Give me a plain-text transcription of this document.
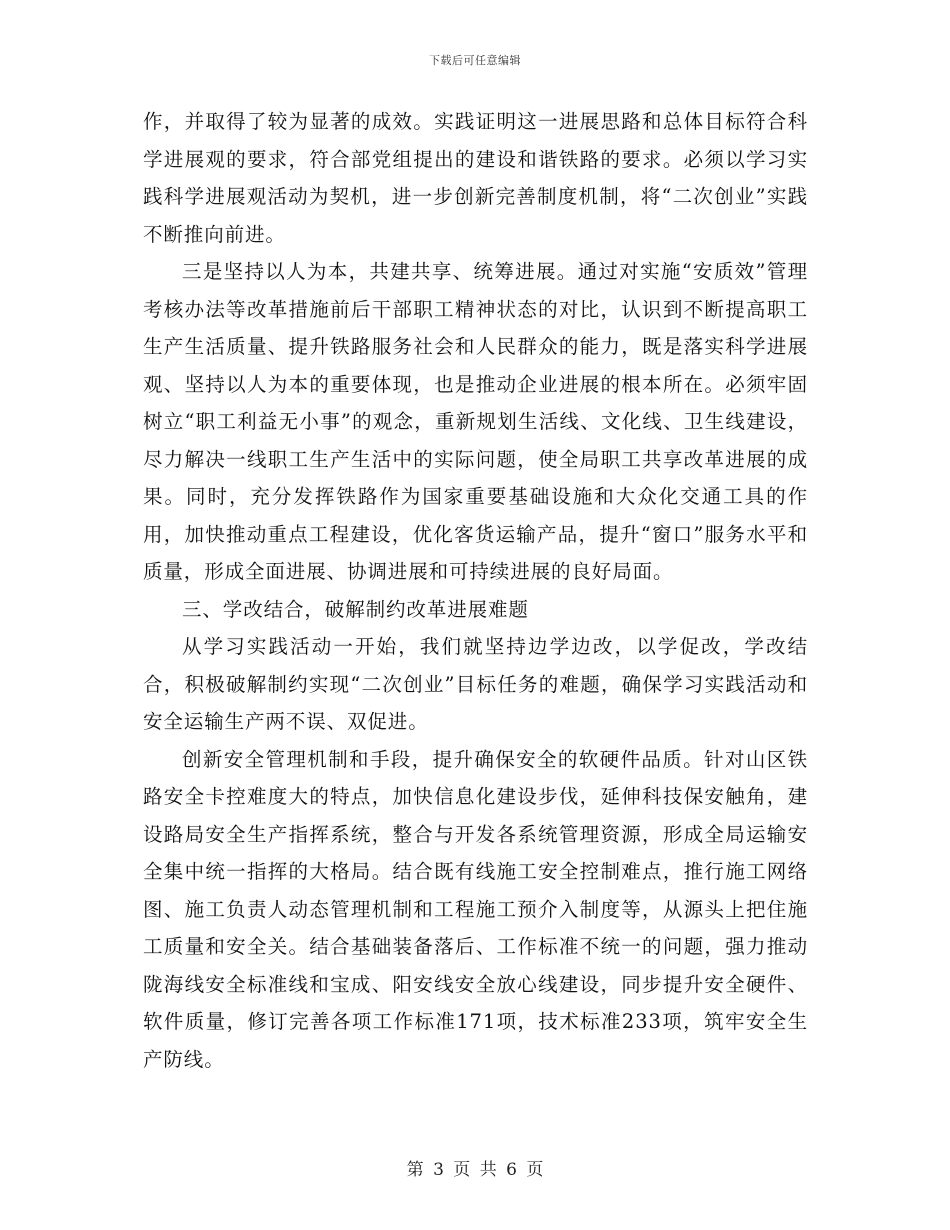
下载后可任意编辑

作，并取得了较为显著的成效。实践证明这一进展思路和总体目标符合科学进展观的要求，符合部党组提出的建设和谐铁路的要求。必须以学习实践科学进展观活动为契机，进一步创新完善制度机制，将“二次创业”实践不断推向前进。

三是坚持以人为本，共建共享、统筹进展。通过对实施“安质效”管理考核办法等改革措施前后干部职工精神状态的对比，认识到不断提高职工生产生活质量、提升铁路服务社会和人民群众的能力，既是落实科学进展观、坚持以人为本的重要体现，也是推动企业进展的根本所在。必须牢固树立“职工利益无小事”的观念，重新规划生活线、文化线、卫生线建设，尽力解决一线职工生产生活中的实际问题，使全局职工共享改革进展的成果。同时，充分发挥铁路作为国家重要基础设施和大众化交通工具的作用，加快推动重点工程建设，优化客货运输产品，提升“窗口”服务水平和质量，形成全面进展、协调进展和可持续进展的良好局面。

三、学改结合，破解制约改革进展难题

从学习实践活动一开始，我们就坚持边学边改，以学促改，学改结合，积极破解制约实现“二次创业”目标任务的难题，确保学习实践活动和安全运输生产两不误、双促进。

创新安全管理机制和手段，提升确保安全的软硬件品质。针对山区铁路安全卡控难度大的特点，加快信息化建设步伐，延伸科技保安触角，建设路局安全生产指挥系统，整合与开发各系统管理资源，形成全局运输安全集中统一指挥的大格局。结合既有线施工安全控制难点，推行施工网络图、施工负责人动态管理机制和工程施工预介入制度等，从源头上把住施工质量和安全关。结合基础装备落后、工作标准不统一的问题，强力推动陇海线安全标准线和宝成、阳安线安全放心线建设，同步提升安全硬件、软件质量，修订完善各项工作标准171项，技术标准233项，筑牢安全生产防线。

第 3 页 共 6 页
